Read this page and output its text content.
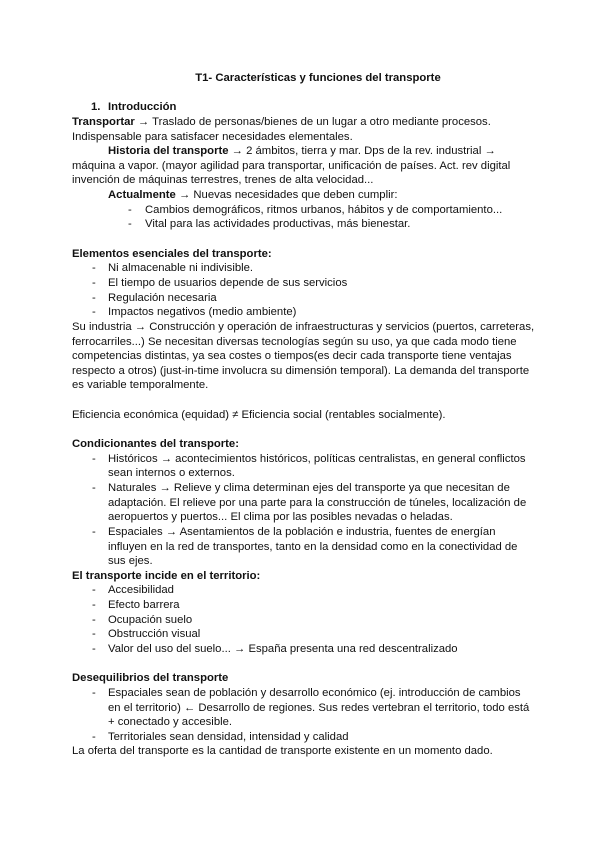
T1- Características y funciones del transporte
1. Introducción
Transportar → Traslado de personas/bienes de un lugar a otro mediante procesos.
Indispensable para satisfacer necesidades elementales.
Historia del transporte → 2 ámbitos, tierra y mar. Dps de la rev. industrial →
máquina a vapor. (mayor agilidad para transportar, unificación de países. Act. rev digital
invención de máquinas terrestres, trenes de alta velocidad...
Actualmente → Nuevas necesidades que deben cumplir:
- Cambios demográficos, ritmos urbanos, hábitos y de comportamiento...
- Vital para las actividades productivas, más bienestar.
Elementos esenciales del transporte:
- Ni almacenable ni indivisible.
- El tiempo de usuarios depende de sus servicios
- Regulación necesaria
- Impactos negativos (medio ambiente)
Su industria → Construcción y operación de infraestructuras y servicios (puertos, carreteras,
ferrocarriles...) Se necesitan diversas tecnologías según su uso, ya que cada modo tiene
competencias distintas, ya sea costes o tiempos(es decir cada transporte tiene ventajas
respecto a otros) (just-in-time involucra su dimensión temporal). La demanda del transporte
es variable temporalmente.
Eficiencia económica (equidad) ≠ Eficiencia social (rentables socialmente).
Condicionantes del transporte:
- Históricos → acontecimientos históricos, políticas centralistas, en general conflictos
sean internos o externos.
- Naturales → Relieve y clima determinan ejes del transporte ya que necesitan de
adaptación. El relieve por una parte para la construcción de túneles, localización de
aeropuertos y puertos... El clima por las posibles nevadas o heladas.
- Espaciales → Asentamientos de la población e industria, fuentes de energían
influyen en la red de transportes, tanto en la densidad como en la conectividad de
sus ejes.
El transporte incide en el territorio:
- Accesibilidad
- Efecto barrera
- Ocupación suelo
- Obstrucción visual
- Valor del uso del suelo... → España presenta una red descentralizado
Desequilibrios del transporte
- Espaciales sean de población y desarrollo económico (ej. introducción de cambios
en el territorio) ← Desarrollo de regiones. Sus redes vertebran el territorio, todo está
+ conectado y accesible.
- Territoriales sean densidad, intensidad y calidad
La oferta del transporte es la cantidad de transporte existente en un momento dado.
